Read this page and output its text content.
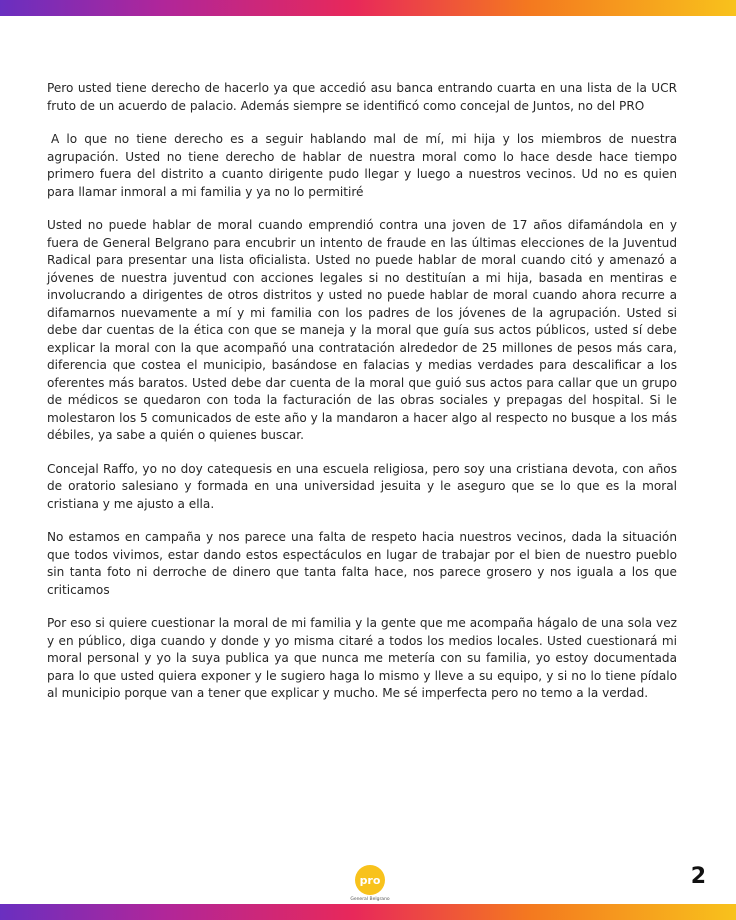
Pero usted tiene derecho de hacerlo ya que accedió asu banca entrando cuarta en una lista de la UCR fruto de un acuerdo de palacio. Además siempre se identificó como concejal de Juntos, no del PRO

A lo que no tiene derecho es a seguir hablando mal de mí, mi hija y los miembros de nuestra agrupación. Usted no tiene derecho de hablar de nuestra moral como lo hace desde hace tiempo primero fuera del distrito a cuanto dirigente pudo llegar y luego a nuestros vecinos. Ud no es quien para llamar inmoral a mi familia y ya no lo permitiré

Usted no puede hablar de moral cuando emprendió contra una joven de 17 años difamándola en y fuera de General Belgrano para encubrir un intento de fraude en las últimas elecciones de la Juventud Radical para presentar una lista oficialista. Usted no puede hablar de moral cuando citó y amenazó a jóvenes de nuestra juventud con acciones legales si no destituían a mi hija, basada en mentiras e involucrando a dirigentes de otros distritos y usted no puede hablar de moral cuando ahora recurre a difamarnos nuevamente a mí y mi familia con los padres de los jóvenes de la agrupación. Usted si debe dar cuentas de la ética con que se maneja y la moral que guía sus actos públicos, usted sí debe explicar la moral con la que acompañó una contratación alrededor de 25 millones de pesos más cara, diferencia que costea el municipio, basándose en falacias y medias verdades para descalificar a los oferentes más baratos. Usted debe dar cuenta de la moral que guió sus actos para callar que un grupo de médicos se quedaron con toda la facturación de las obras sociales y prepagas del hospital. Si le molestaron los 5 comunicados de este año y la mandaron a hacer algo al respecto no busque a los más débiles, ya sabe a quién o quienes buscar.

Concejal Raffo, yo no doy catequesis en una escuela religiosa, pero soy una cristiana devota, con años de oratorio salesiano y formada en una universidad jesuita y le aseguro que se lo que es la moral cristiana y me ajusto a ella.

No estamos en campaña y nos parece una falta de respeto hacia nuestros vecinos, dada la situación que todos vivimos, estar dando estos espectáculos en lugar de trabajar por el bien de nuestro pueblo sin tanta foto ni derroche de dinero que tanta falta hace, nos parece grosero y nos iguala a los que criticamos

Por eso si quiere cuestionar la moral de mi familia y la gente que me acompaña hágalo de una sola vez y en público, diga cuando y donde y yo misma citaré a todos los medios locales. Usted cuestionará mi moral personal y yo la suya publica ya que nunca me metería con su familia, yo estoy documentada para lo que usted quiera exponer y le sugiero haga lo mismo y lleve a su equipo, y si no lo tiene pídalo al municipio porque van a tener que explicar y mucho. Me sé imperfecta pero no temo a la verdad.

pro
General Belgrano
2
